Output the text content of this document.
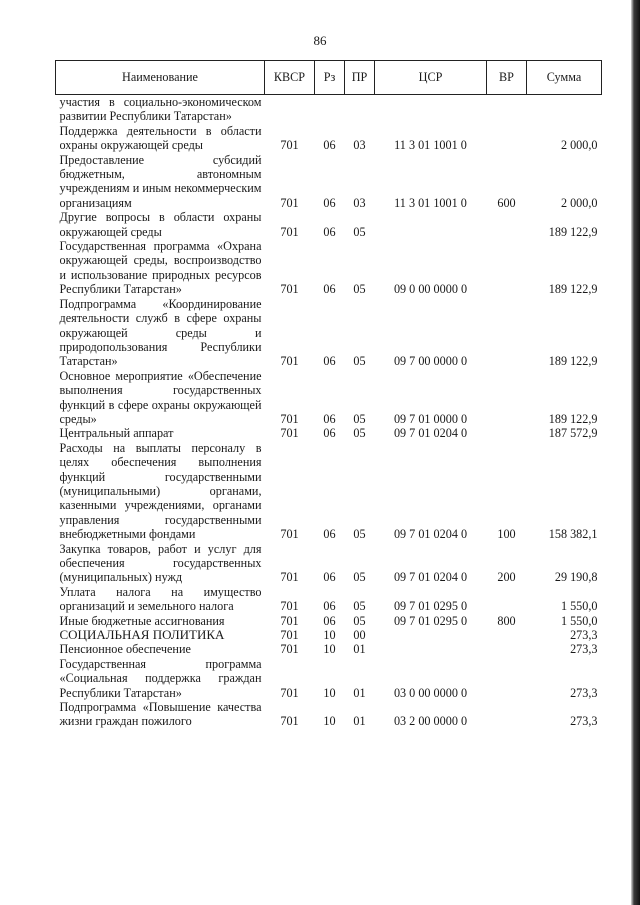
86
Наименование	КВСР	Рз	ПР	ЦСР	ВР	Сумма
участия в социально-экономическом развитии Республики Татарстан»						
Поддержка деятельности в области охраны окружающей среды	701	06	03	11 3 01 1001 0		2 000,0
Предоставление субсидий бюджетным, автономным учреждениям и иным некоммерческим организациям	701	06	03	11 3 01 1001 0	600	2 000,0
Другие вопросы в области охраны окружающей среды	701	06	05			189 122,9
Государственная программа «Охрана окружающей среды, воспроизводство и использование природных ресурсов Республики Татарстан»	701	06	05	09 0 00 0000 0		189 122,9
Подпрограмма «Координирование деятельности служб в сфере охраны окружающей среды и природопользования Республики Татарстан»	701	06	05	09 7 00 0000 0		189 122,9
Основное мероприятие «Обеспечение выполнения государственных функций в сфере охраны окружающей среды»	701	06	05	09 7 01 0000 0		189 122,9
Центральный аппарат	701	06	05	09 7 01 0204 0		187 572,9
Расходы на выплаты персоналу в целях обеспечения выполнения функций государственными (муниципальными) органами, казенными учреждениями, органами управления государственными внебюджетными фондами	701	06	05	09 7 01 0204 0	100	158 382,1
Закупка товаров, работ и услуг для обеспечения государственных (муниципальных) нужд	701	06	05	09 7 01 0204 0	200	29 190,8
Уплата налога на имущество организаций и земельного налога	701	06	05	09 7 01 0295 0		1 550,0
Иные бюджетные ассигнования	701	06	05	09 7 01 0295 0	800	1 550,0
СОЦИАЛЬНАЯ ПОЛИТИКА	701	10	00			273,3
Пенсионное обеспечение	701	10	01			273,3
Государственная программа «Социальная поддержка граждан Республики Татарстан»	701	10	01	03 0 00 0000 0		273,3
Подпрограмма «Повышение качества жизни граждан пожилого	701	10	01	03 2 00 0000 0		273,3
